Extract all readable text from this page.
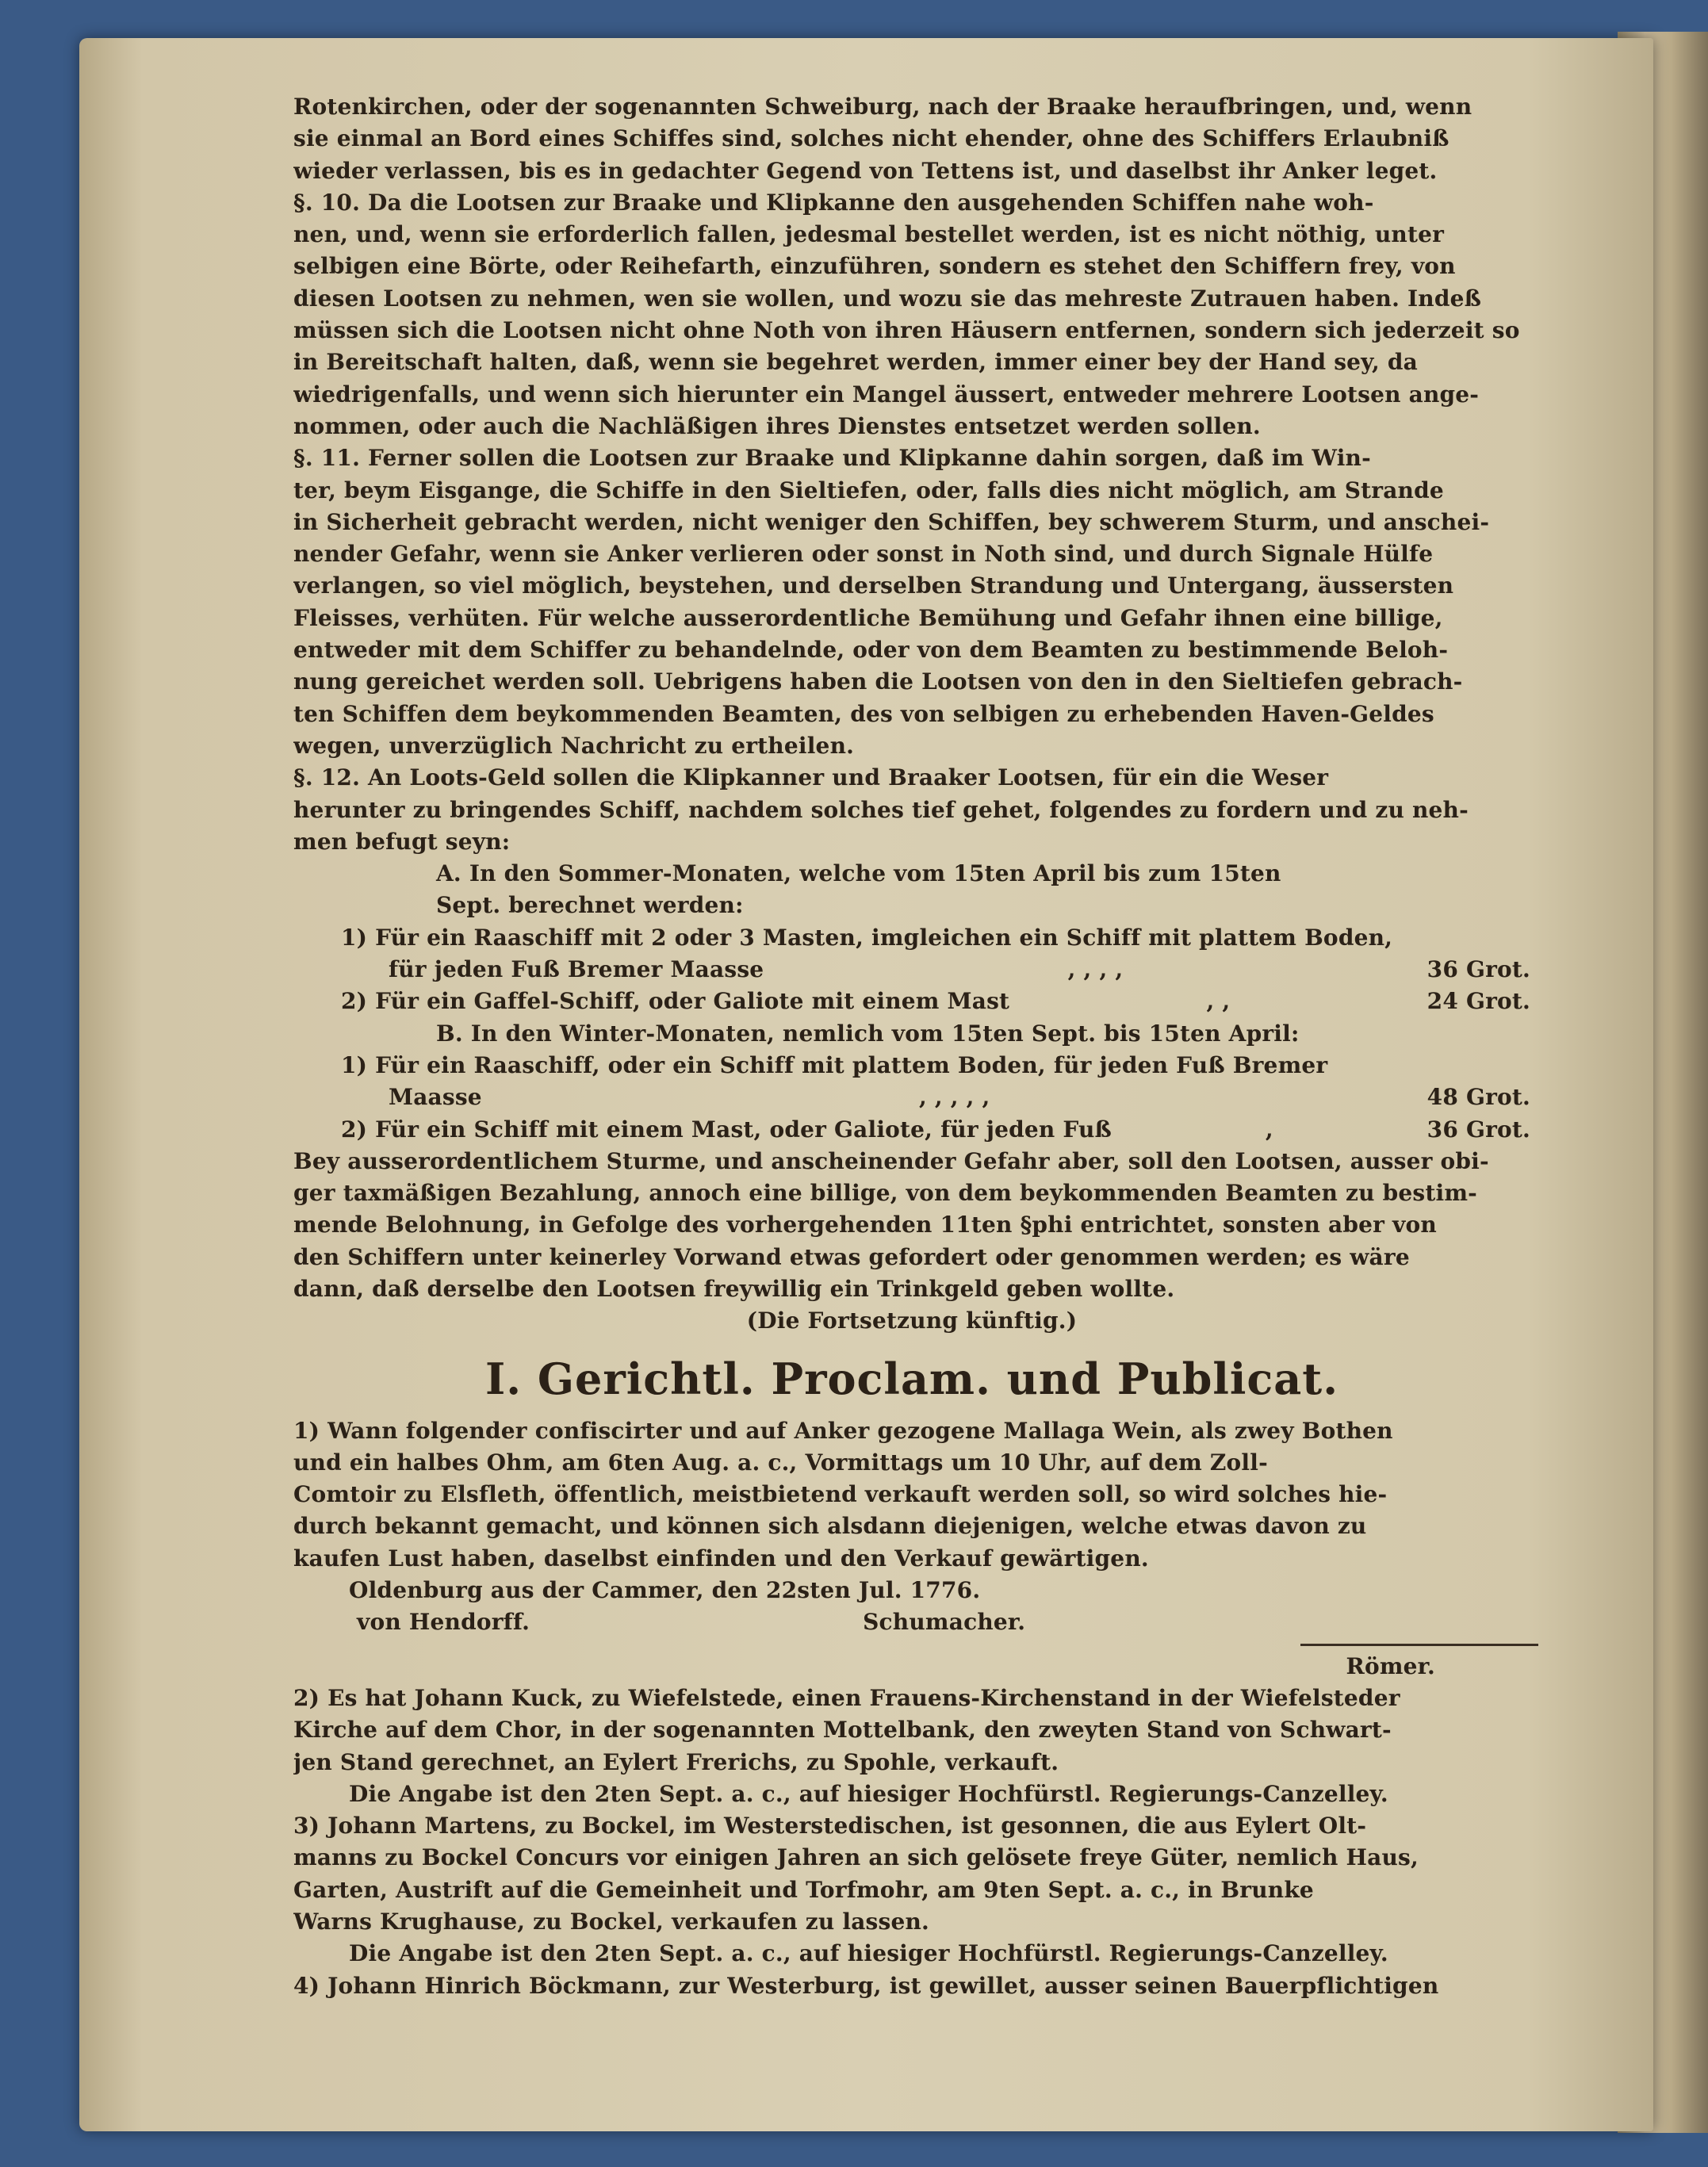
Rotenkirchen, oder der sogenannten Schweiburg, nach der Braake heraufbringen, und, wenn
sie einmal an Bord eines Schiffes sind, solches nicht ehender, ohne des Schiffers Erlaubniß
wieder verlassen, bis es in gedachter Gegend von Tettens ist, und daselbst ihr Anker leget.
§. 10. Da die Lootsen zur Braake und Klipkanne den ausgehenden Schiffen nahe woh-
nen, und, wenn sie erforderlich fallen, jedesmal bestellet werden, ist es nicht nöthig, unter
selbigen eine Börte, oder Reihefarth, einzuführen, sondern es stehet den Schiffern frey, von
diesen Lootsen zu nehmen, wen sie wollen, und wozu sie das mehreste Zutrauen haben. Indeß
müssen sich die Lootsen nicht ohne Noth von ihren Häusern entfernen, sondern sich jederzeit so
in Bereitschaft halten, daß, wenn sie begehret werden, immer einer bey der Hand sey, da
wiedrigenfalls, und wenn sich hierunter ein Mangel äussert, entweder mehrere Lootsen ange-
nommen, oder auch die Nachläßigen ihres Dienstes entsetzet werden sollen.
§. 11. Ferner sollen die Lootsen zur Braake und Klipkanne dahin sorgen, daß im Win-
ter, beym Eisgange, die Schiffe in den Sieltiefen, oder, falls dies nicht möglich, am Strande
in Sicherheit gebracht werden, nicht weniger den Schiffen, bey schwerem Sturm, und anschei-
nender Gefahr, wenn sie Anker verlieren oder sonst in Noth sind, und durch Signale Hülfe
verlangen, so viel möglich, beystehen, und derselben Strandung und Untergang, äussersten
Fleisses, verhüten. Für welche ausserordentliche Bemühung und Gefahr ihnen eine billige,
entweder mit dem Schiffer zu behandelnde, oder von dem Beamten zu bestimmende Beloh-
nung gereichet werden soll. Uebrigens haben die Lootsen von den in den Sieltiefen gebrach-
ten Schiffen dem beykommenden Beamten, des von selbigen zu erhebenden Haven-Geldes
wegen, unverzüglich Nachricht zu ertheilen.
§. 12. An Loots-Geld sollen die Klipkanner und Braaker Lootsen, für ein die Weser
herunter zu bringendes Schiff, nachdem solches tief gehet, folgendes zu fordern und zu neh-
men befugt seyn:
A. In den Sommer-Monaten, welche vom 15ten April bis zum 15ten
Sept. berechnet werden:
1) Für ein Raaschiff mit 2 oder 3 Masten, imgleichen ein Schiff mit plattem Boden,
für jeden Fuß Bremer Maasse	, , , ,	36 Grot.
2) Für ein Gaffel-Schiff, oder Galiote mit einem Mast	, ,	24 Grot.
B. In den Winter-Monaten, nemlich vom 15ten Sept. bis 15ten April:
1) Für ein Raaschiff, oder ein Schiff mit plattem Boden, für jeden Fuß Bremer
Maasse	, , , , ,	48 Grot.
2) Für ein Schiff mit einem Mast, oder Galiote, für jeden Fuß	,	36 Grot.
Bey ausserordentlichem Sturme, und anscheinender Gefahr aber, soll den Lootsen, ausser obi-
ger taxmäßigen Bezahlung, annoch eine billige, von dem beykommenden Beamten zu bestim-
mende Belohnung, in Gefolge des vorhergehenden 11ten §phi entrichtet, sonsten aber von
den Schiffern unter keinerley Vorwand etwas gefordert oder genommen werden; es wäre
dann, daß derselbe den Lootsen freywillig ein Trinkgeld geben wollte.
(Die Fortsetzung künftig.)
I. Gerichtl. Proclam. und Publicat.
1) Wann folgender confiscirter und auf Anker gezogene Mallaga Wein, als zwey Bothen
und ein halbes Ohm, am 6ten Aug. a. c., Vormittags um 10 Uhr, auf dem Zoll-
Comtoir zu Elsfleth, öffentlich, meistbietend verkauft werden soll, so wird solches hie-
durch bekannt gemacht, und können sich alsdann diejenigen, welche etwas davon zu
kaufen Lust haben, daselbst einfinden und den Verkauf gewärtigen.
Oldenburg aus der Cammer, den 22sten Jul. 1776.
von Hendorff.	Schumacher.
Römer.
2) Es hat Johann Kuck, zu Wiefelstede, einen Frauens-Kirchenstand in der Wiefelsteder
Kirche auf dem Chor, in der sogenannten Mottelbank, den zweyten Stand von Schwart-
jen Stand gerechnet, an Eylert Frerichs, zu Spohle, verkauft.
Die Angabe ist den 2ten Sept. a. c., auf hiesiger Hochfürstl. Regierungs-Canzelley.
3) Johann Martens, zu Bockel, im Westerstedischen, ist gesonnen, die aus Eylert Olt-
manns zu Bockel Concurs vor einigen Jahren an sich gelösete freye Güter, nemlich Haus,
Garten, Austrift auf die Gemeinheit und Torfmohr, am 9ten Sept. a. c., in Brunke
Warns Krughause, zu Bockel, verkaufen zu lassen.
Die Angabe ist den 2ten Sept. a. c., auf hiesiger Hochfürstl. Regierungs-Canzelley.
4) Johann Hinrich Böckmann, zur Westerburg, ist gewillet, ausser seinen Bauerpflichtigen
